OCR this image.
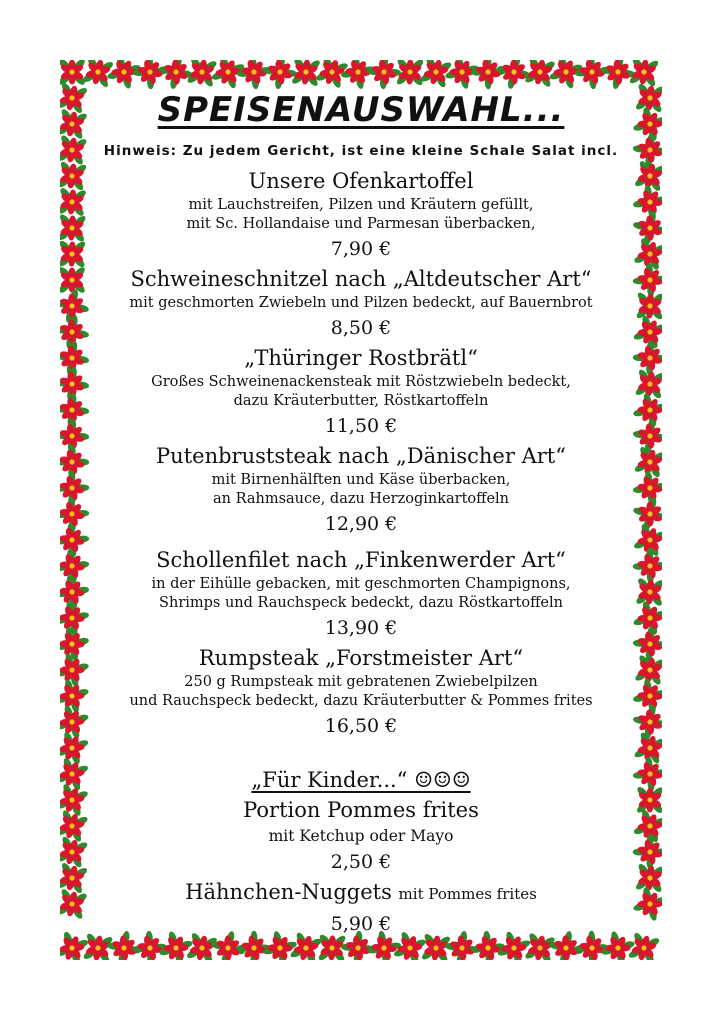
SPEISENAUSWAHL...
Hinweis: Zu jedem Gericht, ist eine kleine Schale Salat incl.
Unsere Ofenkartoffel
mit Lauchstreifen, Pilzen und Kräutern gefüllt,
mit Sc. Hollandaise und Parmesan überbacken,
7,90 €
Schweineschnitzel nach „Altdeutscher Art“
mit geschmorten Zwiebeln und Pilzen bedeckt, auf Bauernbrot
8,50 €
„Thüringer Rostbrätl“
Großes Schweinenackensteak mit Röstzwiebeln bedeckt,
dazu Kräuterbutter, Röstkartoffeln
11,50 €
Putenbruststeak nach „Dänischer Art“
mit Birnenhälften und Käse überbacken,
an Rahmsauce, dazu Herzoginkartoffeln
12,90 €
Schollenfilet nach „Finkenwerder Art“
in der Eihülle gebacken, mit geschmorten Champignons,
Shrimps und Rauchspeck bedeckt, dazu Röstkartoffeln
13,90 €
Rumpsteak „Forstmeister Art“
250 g Rumpsteak mit gebratenen Zwiebelpilzen
und Rauchspeck bedeckt, dazu Kräuterbutter & Pommes frites
16,50 €
„Für Kinder...“ ☺☺☺
Portion Pommes frites
mit Ketchup oder Mayo
2,50 €
Hähnchen-Nuggets mit Pommes frites
5,90 €
